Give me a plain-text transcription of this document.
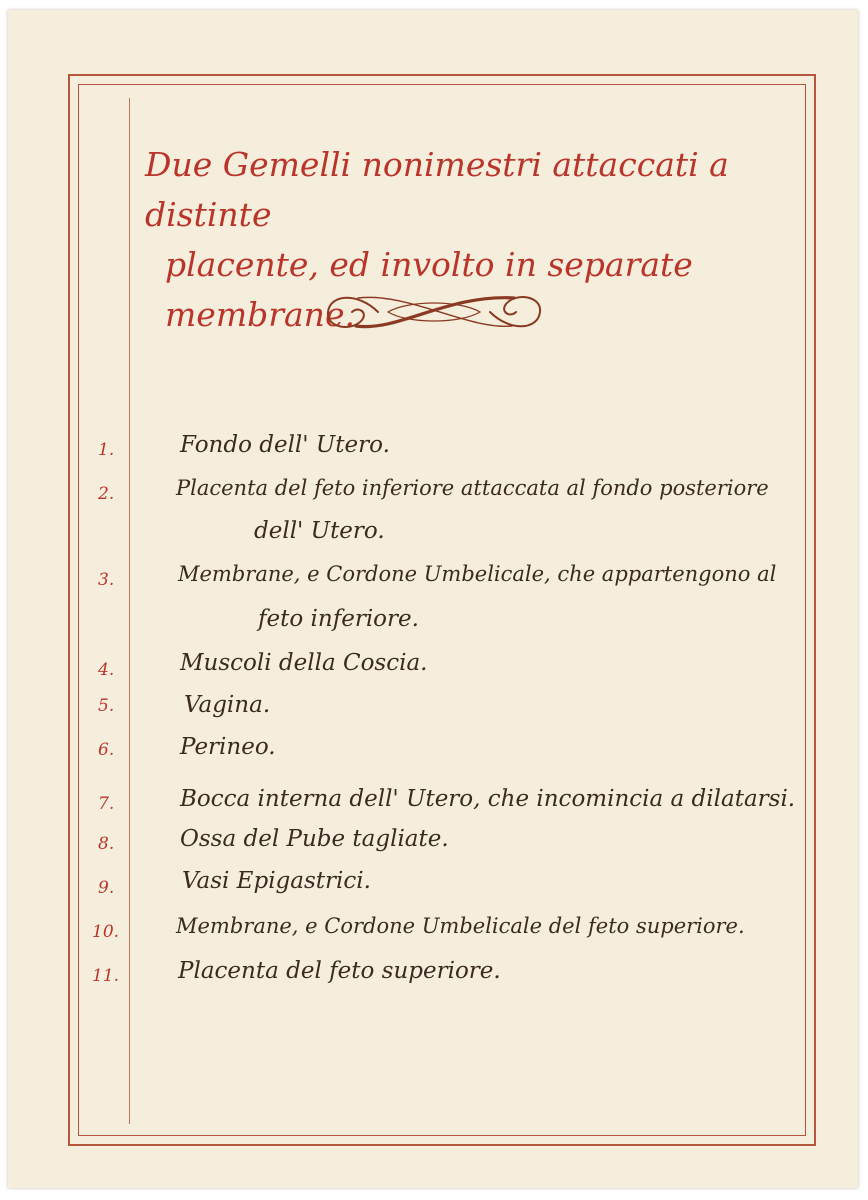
Due Gemelli nonimestri attaccati a distinte
placente, ed involto in separate membrane.
1.	Fondo dell' Utero.
2.	Placenta del feto inferiore attaccata al fondo posteriore
dell' Utero.
3.	Membrane, e Cordone Umbelicale, che appartengono al
feto inferiore.
4.	Muscoli della Coscia.
5.	Vagina.
6.	Perineo.
7.	Bocca interna dell' Utero, che incomincia a dilatarsi.
8.	Ossa del Pube tagliate.
9.	Vasi Epigastrici.
10.	Membrane, e Cordone Umbelicale del feto superiore.
11.	Placenta del feto superiore.
